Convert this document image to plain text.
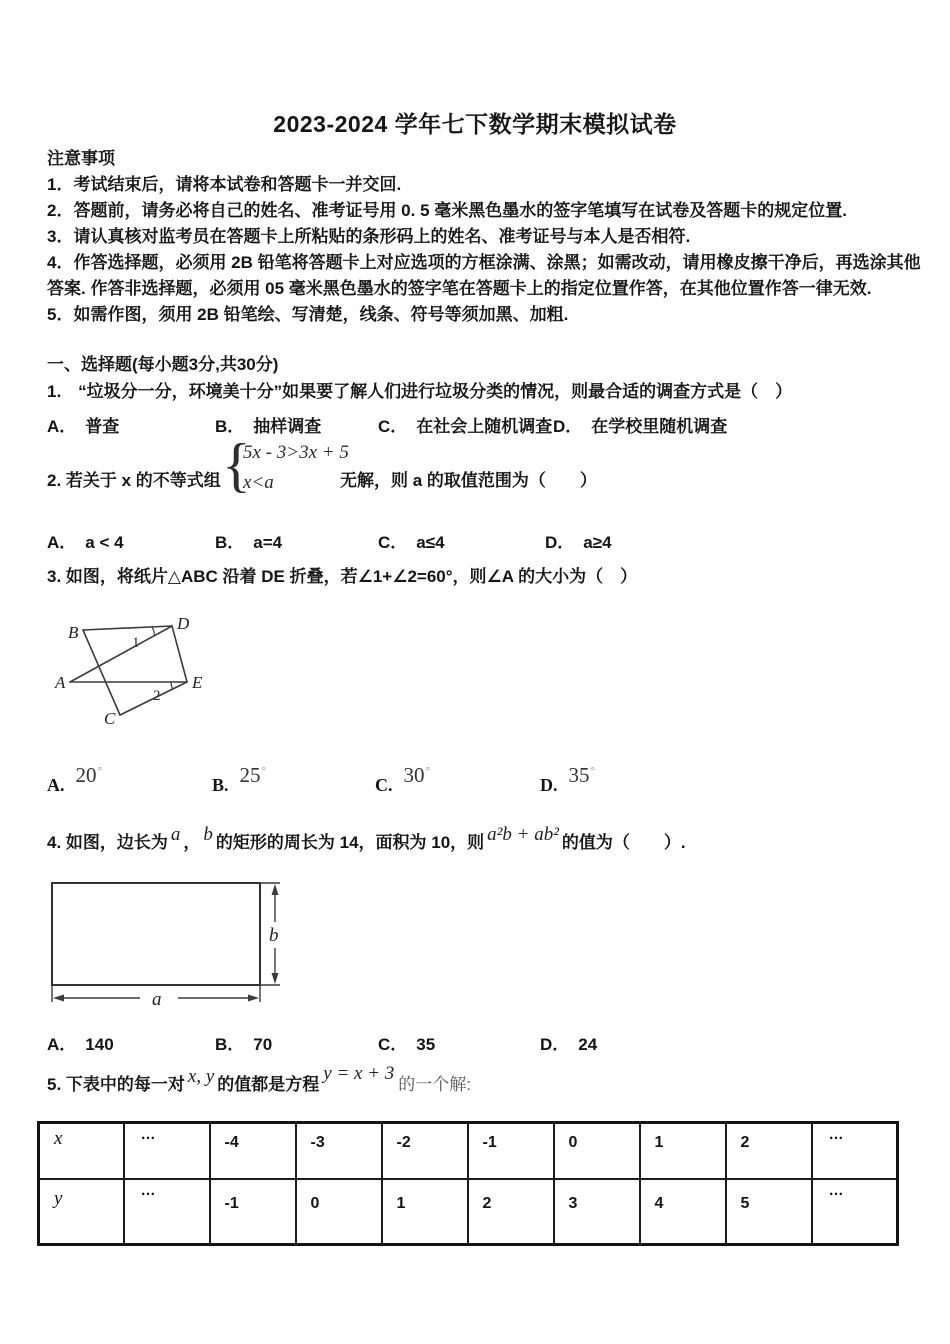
2023-2024 学年七下数学期末模拟试卷
注意事项
1．考试结束后，请将本试卷和答题卡一并交回.
2．答题前，请务必将自己的姓名、准考证号用 0. 5 毫米黑色墨水的签字笔填写在试卷及答题卡的规定位置.
3．请认真核对监考员在答题卡上所粘贴的条形码上的姓名、准考证号与本人是否相符.
4．作答选择题，必须用 2B 铅笔将答题卡上对应选项的方框涂满、涂黑；如需改动，请用橡皮擦干净后，再选涂其他答案. 作答非选择题，必须用 05 毫米黑色墨水的签字笔在答题卡上的指定位置作答，在其他位置作答一律无效.
5．如需作图，须用 2B 铅笔绘、写清楚，线条、符号等须加黑、加粗.
一、选择题(每小题3分,共30分)
1.　“垃圾分一分，环境美十分”如果要了解人们进行垃圾分类的情况，则最合适的调查方式是（　）
A． 普查	B． 抽样调查	C． 在社会上随机调查 D． 在学校里随机调查
2. 若关于 x 的不等式组 {
5x - 3>3x + 5
x<a	无解，则 a 的取值范围为（　　）
A． a < 4	B． a=4	C． a≤4	D． a≥4
3. 如图，将纸片△ABC 沿着 DE 折叠，若∠1+∠2=60°，则∠A 的大小为（　）
B	D
A	E
C
1
2
A. 20°
B. 25°
C. 30°
D. 35°
4. 如图，边长为 a ， b 的矩形的周长为 14，面积为 10，则 a²b + ab² 的值为（　　）.
b
a
A． 140	B． 70	C． 35	D． 24
5. 下表中的每一对 x, y 的值都是方程y = x + 3的一个解:
x	…	-4	-3	-2	-1	0	1	2	…
y	…	-1	0	1	2	3	4	5	…
